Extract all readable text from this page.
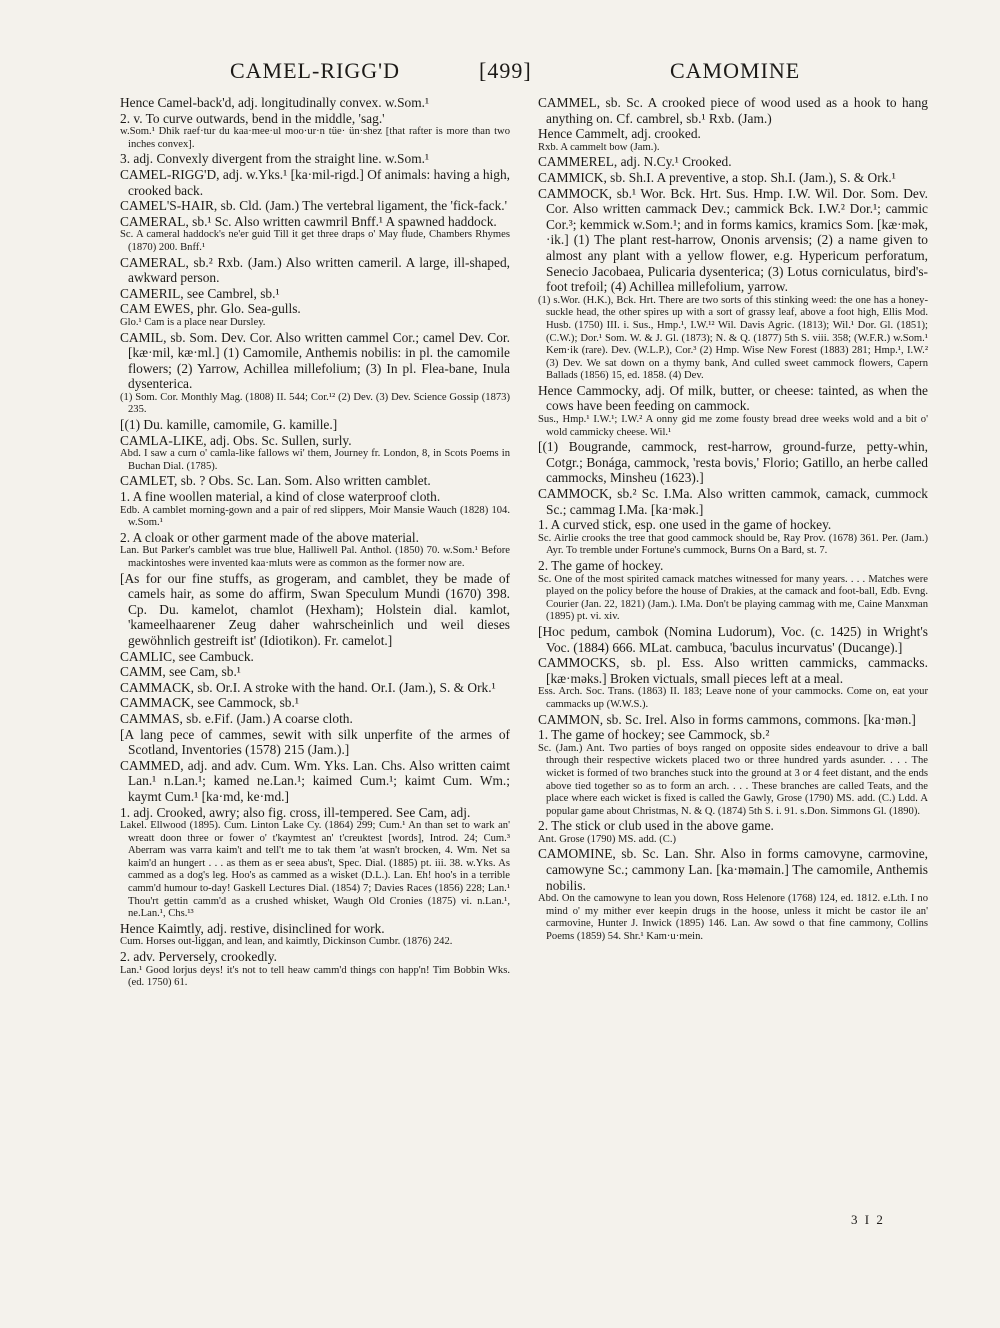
CAMEL-RIGG'D	[499]	CAMOMINE

Hence Camel-back'd, adj. longitudinally convex. w.Som.¹

2. v. To curve outwards, bend in the middle, 'sag.'

w.Som.¹ Dhik raef·tur du kaa·mee·ul moo·ur·n tüe· ün·shez [that rafter is more than two inches convex].

3. adj. Convexly divergent from the straight line. w.Som.¹

CAMEL-RIGG'D, adj. w.Yks.¹ [ka·mil-rigd.] Of animals: having a high, crooked back.

CAMEL'S-HAIR, sb. Cld. (Jam.) The vertebral ligament, the 'fick-fack.'

CAMERAL, sb.¹ Sc. Also written cawmril Bnff.¹ A spawned haddock.

Sc. A cameral haddock's ne'er guid Till it get three draps o' May flude, Chambers Rhymes (1870) 200. Bnff.¹

CAMERAL, sb.² Rxb. (Jam.) Also written cameril. A large, ill-shaped, awkward person.

CAMERIL, see Cambrel, sb.¹

CAM EWES, phr. Glo. Sea-gulls.

Glo.¹ Cam is a place near Dursley.

CAMIL, sb. Som. Dev. Cor. Also written cammel Cor.; camel Dev. Cor. [kæ·mil, kæ·ml.] (1) Camomile, Anthemis nobilis: in pl. the camomile flowers; (2) Yarrow, Achillea millefolium; (3) In pl. Flea-bane, Inula dysenterica.

(1) Som. Cor. Monthly Mag. (1808) II. 544; Cor.¹² (2) Dev. (3) Dev. Science Gossip (1873) 235.

[(1) Du. kamille, camomile, G. kamille.]

CAMLA-LIKE, adj. Obs. Sc. Sullen, surly.

Abd. I saw a curn o' camla-like fallows wi' them, Journey fr. London, 8, in Scots Poems in Buchan Dial. (1785).

CAMLET, sb. ? Obs. Sc. Lan. Som. Also written camblet.

1. A fine woollen material, a kind of close waterproof cloth.

Edb. A camblet morning-gown and a pair of red slippers, Moir Mansie Wauch (1828) 104. w.Som.¹

2. A cloak or other garment made of the above material.

Lan. But Parker's camblet was true blue, Halliwell Pal. Anthol. (1850) 70. w.Som.¹ Before mackintoshes were invented kaa·mluts were as common as the former now are.

[As for our fine stuffs, as grogeram, and camblet, they be made of camels hair, as some do affirm, Swan Speculum Mundi (1670) 398. Cp. Du. kamelot, chamlot (Hexham); Holstein dial. kamlot, 'kameelhaarener Zeug daher wahrscheinlich und weil dieses gewöhnlich gestreift ist' (Idiotikon). Fr. camelot.]

CAMLIC, see Cambuck.

CAMM, see Cam, sb.¹

CAMMACK, sb. Or.I. A stroke with the hand. Or.I. (Jam.), S. & Ork.¹

CAMMACK, see Cammock, sb.¹

CAMMAS, sb. e.Fif. (Jam.) A coarse cloth.

[A lang pece of cammes, sewit with silk unperfite of the armes of Scotland, Inventories (1578) 215 (Jam.).]

CAMMED, adj. and adv. Cum. Wm. Yks. Lan. Chs. Also written caimt Lan.¹ n.Lan.¹; kamed ne.Lan.¹; kaimed Cum.¹; kaimt Cum. Wm.; kaymt Cum.¹ [ka·md, ke·md.]

1. adj. Crooked, awry; also fig. cross, ill-tempered. See Cam, adj.

Lakel. Ellwood (1895). Cum. Linton Lake Cy. (1864) 299; Cum.¹ An than set to wark an' wreatt doon three or fower o' t'kaymtest an' t'creuktest [words], Introd. 24; Cum.³ Aberram was varra kaim't and tell't me to tak them 'at wasn't brocken, 4. Wm. Net sa kaim'd an hungert . . . as them as er seea abus't, Spec. Dial. (1885) pt. iii. 38. w.Yks. As cammed as a dog's leg. Hoo's as cammed as a wisket (D.L.). Lan. Eh! hoo's in a terrible camm'd humour to-day! Gaskell Lectures Dial. (1854) 7; Davies Races (1856) 228; Lan.¹ Thou'rt gettin camm'd as a crushed whisket, Waugh Old Cronies (1875) vi. n.Lan.¹, ne.Lan.¹, Chs.¹³

Hence Kaimtly, adj. restive, disinclined for work.

Cum. Horses out-liggan, and lean, and kaimtly, Dickinson Cumbr. (1876) 242.

2. adv. Perversely, crookedly.

Lan.¹ Good lorjus deys! it's not to tell heaw camm'd things con happ'n! Tim Bobbin Wks. (ed. 1750) 61.

CAMMEL, sb. Sc. A crooked piece of wood used as a hook to hang anything on. Cf. cambrel, sb.¹ Rxb. (Jam.)

Hence Cammelt, adj. crooked.

Rxb. A cammelt bow (Jam.).

CAMMEREL, adj. N.Cy.¹ Crooked.

CAMMICK, sb. Sh.I. A preventive, a stop. Sh.I. (Jam.), S. & Ork.¹

CAMMOCK, sb.¹ Wor. Bck. Hrt. Sus. Hmp. I.W. Wil. Dor. Som. Dev. Cor. Also written cammack Dev.; cammick Bck. I.W.² Dor.¹; cammic Cor.³; kemmick w.Som.¹; and in forms kamics, kramics Som. [kæ·mək, ·ik.] (1) The plant rest-harrow, Ononis arvensis; (2) a name given to almost any plant with a yellow flower, e.g. Hypericum perforatum, Senecio Jacobaea, Pulicaria dysenterica; (3) Lotus corniculatus, bird's-foot trefoil; (4) Achillea millefolium, yarrow.

(1) s.Wor. (H.K.), Bck. Hrt. There are two sorts of this stinking weed: the one has a honey-suckle head, the other spires up with a sort of grassy leaf, above a foot high, Ellis Mod. Husb. (1750) III. i. Sus., Hmp.¹, I.W.¹² Wil. Davis Agric. (1813); Wil.¹ Dor. Gl. (1851); (C.W.); Dor.¹ Som. W. & J. Gl. (1873); N. & Q. (1877) 5th S. viii. 358; (W.F.R.) w.Som.¹ Kem·ik (rare). Dev. (W.L.P.), Cor.³ (2) Hmp. Wise New Forest (1883) 281; Hmp.¹, I.W.² (3) Dev. We sat down on a thymy bank, And culled sweet cammock flowers, Capern Ballads (1856) 15, ed. 1858. (4) Dev.

Hence Cammocky, adj. Of milk, butter, or cheese: tainted, as when the cows have been feeding on cammock.

Sus., Hmp.¹ I.W.¹; I.W.² A onny gid me zome fousty bread dree weeks wold and a bit o' wold cammicky cheese. Wil.¹

[(1) Bougrande, cammock, rest-harrow, ground-furze, petty-whin, Cotgr.; Bonága, cammock, 'resta bovis,' Florio; Gatillo, an herbe called cammocks, Minsheu (1623).]

CAMMOCK, sb.² Sc. I.Ma. Also written cammok, camack, cummock Sc.; cammag I.Ma. [ka·mək.]

1. A curved stick, esp. one used in the game of hockey.

Sc. Airlie crooks the tree that good cammock should be, Ray Prov. (1678) 361. Per. (Jam.) Ayr. To tremble under Fortune's cummock, Burns On a Bard, st. 7.

2. The game of hockey.

Sc. One of the most spirited camack matches witnessed for many years. . . . Matches were played on the policy before the house of Drakies, at the camack and foot-ball, Edb. Evng. Courier (Jan. 22, 1821) (Jam.). I.Ma. Don't be playing cammag with me, Caine Manxman (1895) pt. vi. xiv.

[Hoc pedum, cambok (Nomina Ludorum), Voc. (c. 1425) in Wright's Voc. (1884) 666. MLat. cambuca, 'baculus incurvatus' (Ducange).]

CAMMOCKS, sb. pl. Ess. Also written cammicks, cammacks. [kæ·məks.] Broken victuals, small pieces left at a meal.

Ess. Arch. Soc. Trans. (1863) II. 183; Leave none of your cammocks. Come on, eat your cammacks up (W.W.S.).

CAMMON, sb. Sc. Irel. Also in forms cammons, commons. [ka·mən.]

1. The game of hockey; see Cammock, sb.²

Sc. (Jam.) Ant. Two parties of boys ranged on opposite sides endeavour to drive a ball through their respective wickets placed two or three hundred yards asunder. . . . The wicket is formed of two branches stuck into the ground at 3 or 4 feet distant, and the ends above tied together so as to form an arch. . . . These branches are called Teats, and the place where each wicket is fixed is called the Gawly, Grose (1790) MS. add. (C.) Ldd. A popular game about Christmas, N. & Q. (1874) 5th S. i. 91. s.Don. Simmons Gl. (1890).

2. The stick or club used in the above game.

Ant. Grose (1790) MS. add. (C.)

CAMOMINE, sb. Sc. Lan. Shr. Also in forms camovyne, carmovine, camowyne Sc.; cammony Lan. [ka·məmain.] The camomile, Anthemis nobilis.

Abd. On the camowyne to lean you down, Ross Helenore (1768) 124, ed. 1812. e.Lth. I no mind o' my mither ever keepin drugs in the hoose, unless it micht be castor ile an' carmovine, Hunter J. Inwick (1895) 146. Lan. Aw sowd o that fine cammony, Collins Poems (1859) 54. Shr.¹ Kam·u·mein.

3 I 2
